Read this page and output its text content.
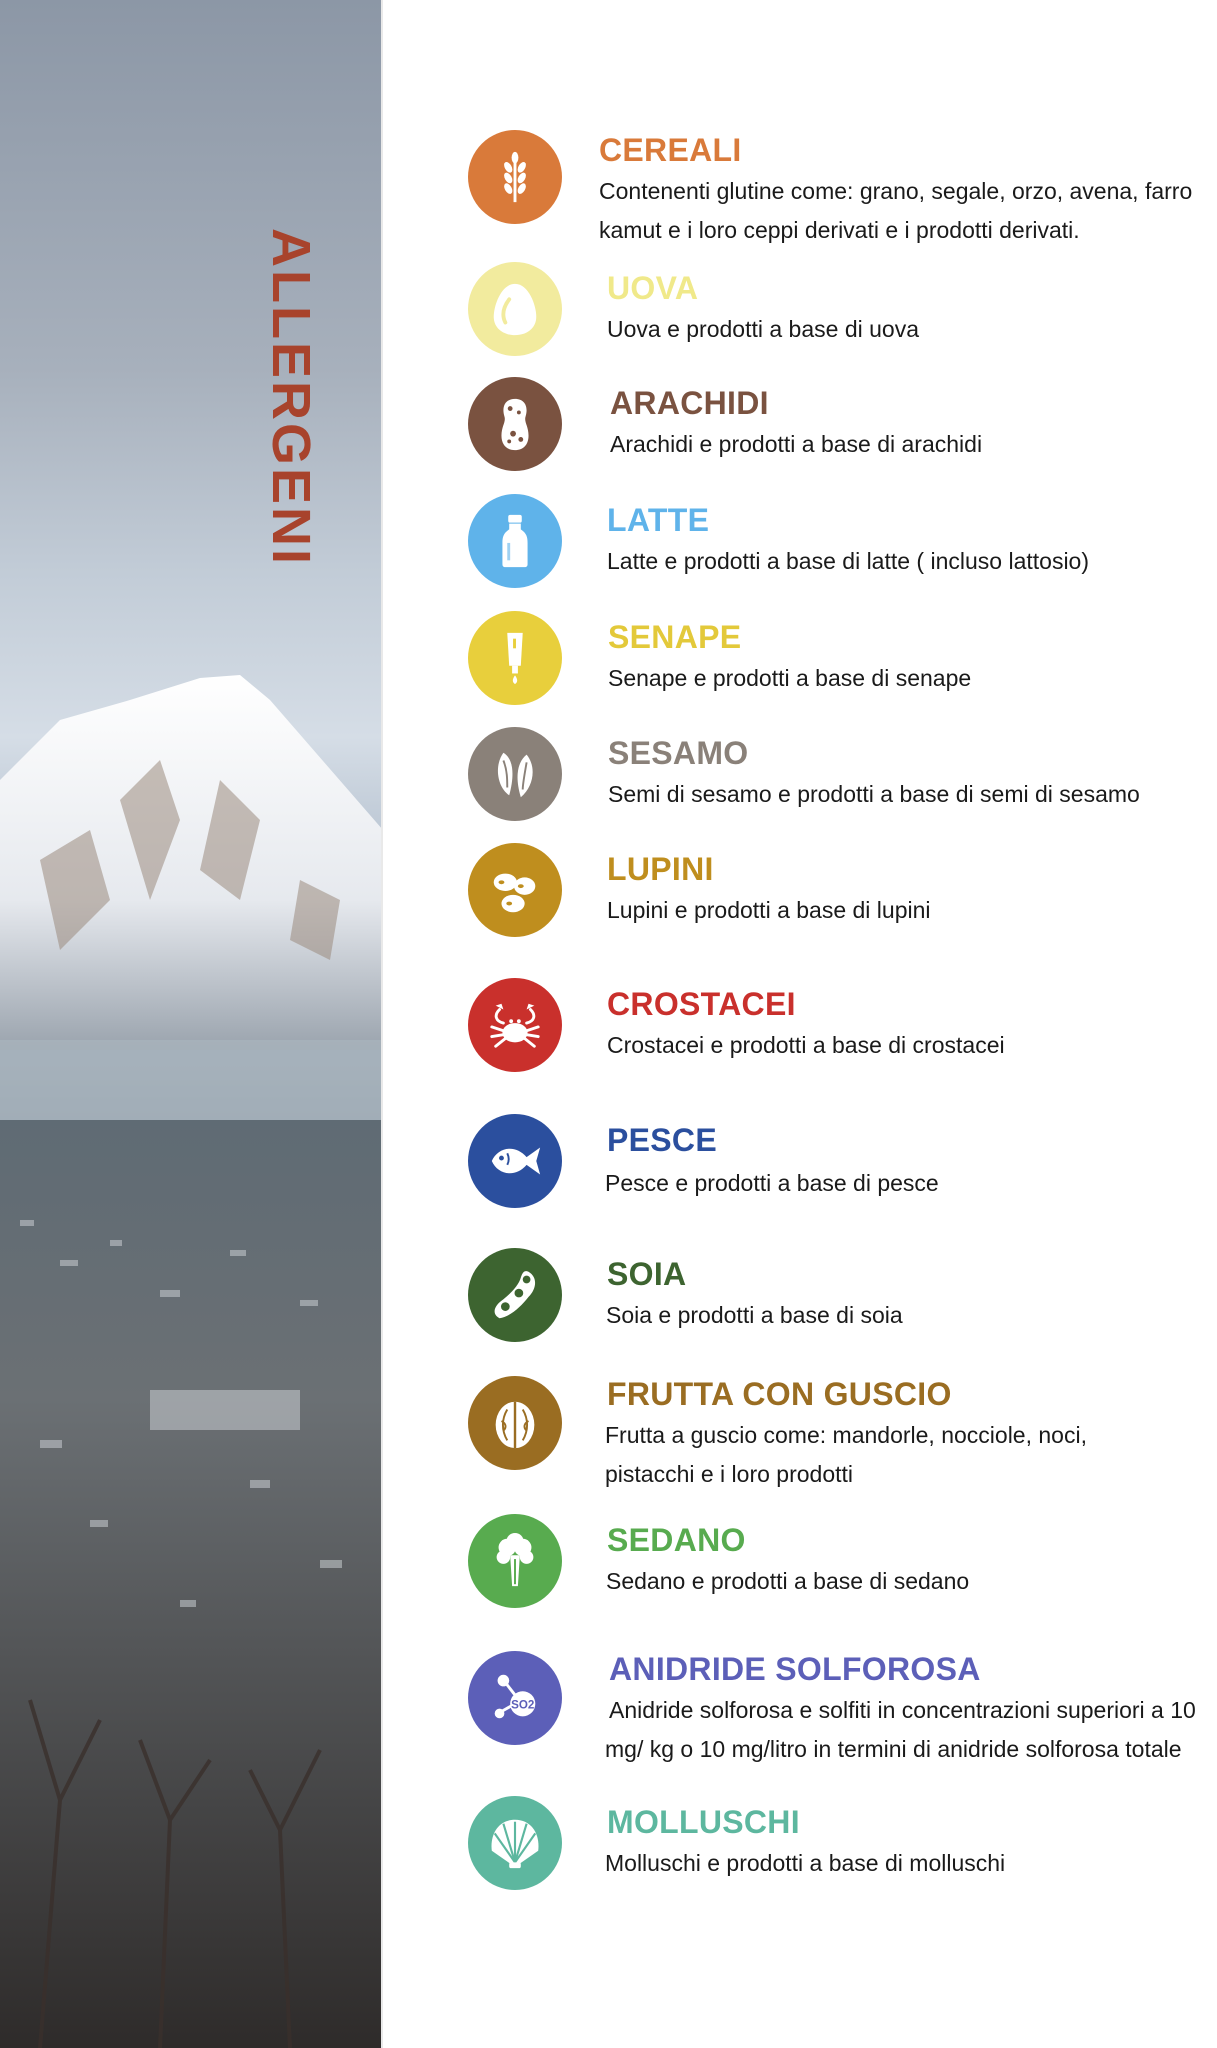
ALLERGENI
CEREALI
Contenenti glutine come: grano, segale, orzo, avena, farro
kamut e i loro ceppi derivati e i prodotti derivati.
UOVA
Uova e prodotti a base di uova
ARACHIDI
Arachidi e prodotti a base di arachidi
LATTE
Latte e prodotti a base di latte ( incluso lattosio)
SENAPE
Senape e prodotti a base di senape
SESAMO
Semi di sesamo e prodotti a base di semi di sesamo
LUPINI
Lupini e prodotti a base di lupini
CROSTACEI
Crostacei e prodotti a base di crostacei
PESCE
Pesce e prodotti a base di pesce
SOIA
Soia e prodotti a base di soia
FRUTTA CON GUSCIO
Frutta a guscio come: mandorle, nocciole, noci,
pistacchi e i loro prodotti
SEDANO
Sedano e prodotti a base di sedano
SO2
ANIDRIDE SOLFOROSA
Anidride solforosa e solfiti in concentrazioni superiori a 10
mg/ kg o 10 mg/litro in termini di anidride solforosa totale
MOLLUSCHI
Molluschi e prodotti a base di molluschi
